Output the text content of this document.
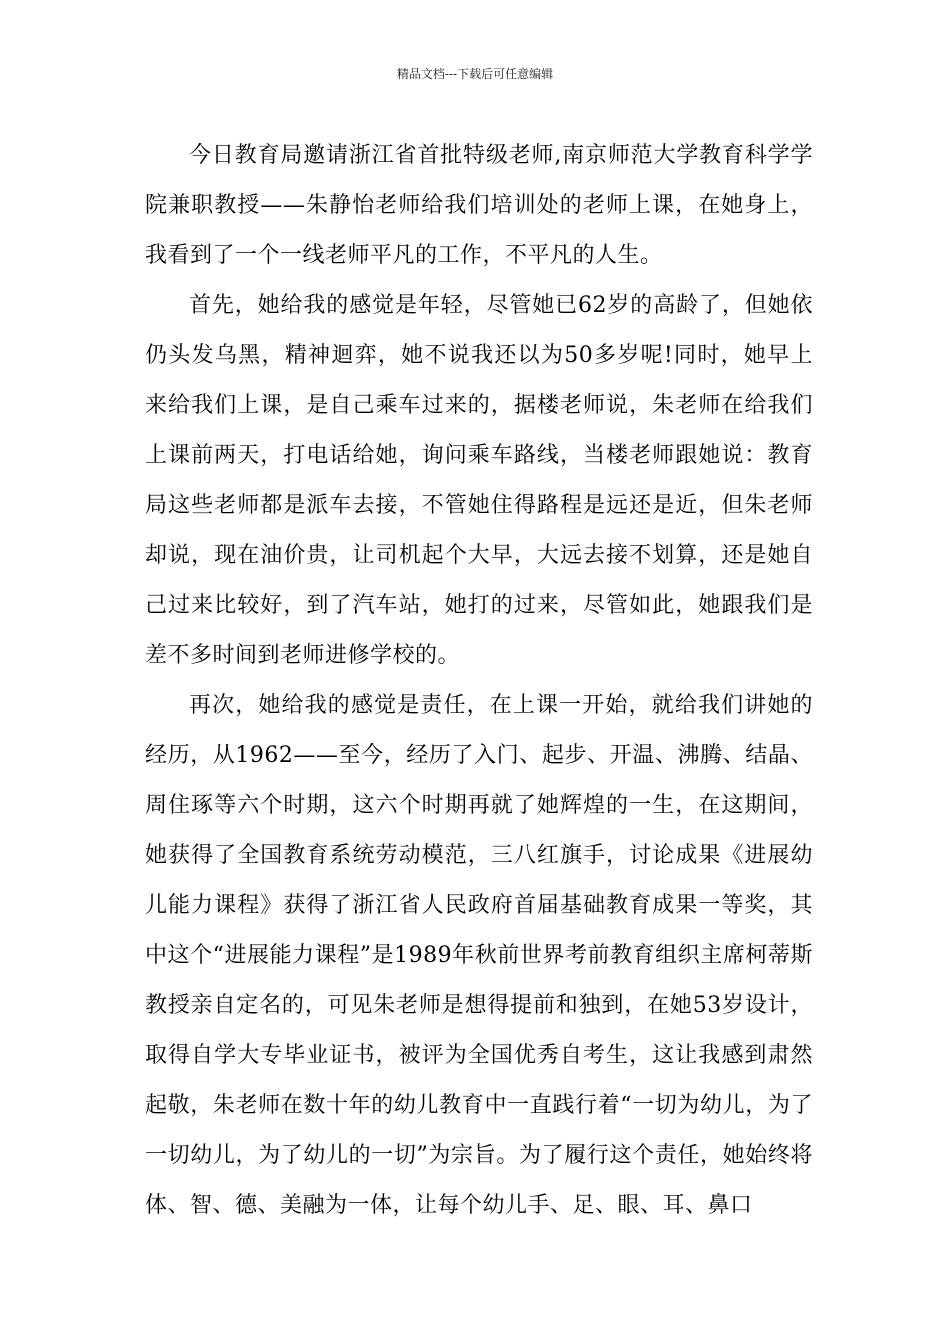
精品文档---下载后可任意编辑

今日教育局邀请浙江省首批特级老师,南京师范大学教育科学学院兼职教授——朱静怡老师给我们培训处的老师上课，在她身上，我看到了一个一线老师平凡的工作，不平凡的人生。

首先，她给我的感觉是年轻，尽管她已62岁的高龄了，但她依仍头发乌黑，精神迴弈，她不说我还以为50多岁呢!同时，她早上来给我们上课，是自己乘车过来的，据楼老师说，朱老师在给我们上课前两天，打电话给她，询问乘车路线，当楼老师跟她说：教育局这些老师都是派车去接，不管她住得路程是远还是近，但朱老师却说，现在油价贵，让司机起个大早，大远去接不划算，还是她自己过来比较好，到了汽车站，她打的过来，尽管如此，她跟我们是差不多时间到老师进修学校的。

再次，她给我的感觉是责任，在上课一开始，就给我们讲她的经历，从1962——至今，经历了入门、起步、开温、沸腾、结晶、周住琢等六个时期，这六个时期再就了她辉煌的一生，在这期间，她获得了全国教育系统劳动模范，三八红旗手，讨论成果《进展幼儿能力课程》获得了浙江省人民政府首届基础教育成果一等奖，其中这个“进展能力课程”是1989年秋前世界考前教育组织主席柯蒂斯教授亲自定名的，可见朱老师是想得提前和独到，在她53岁设计，取得自学大专毕业证书，被评为全国优秀自考生，这让我感到肃然起敬，朱老师在数十年的幼儿教育中一直践行着“一切为幼儿，为了一切幼儿，为了幼儿的一切”为宗旨。为了履行这个责任，她始终将体、智、德、美融为一体，让每个幼儿手、足、眼、耳、鼻口
